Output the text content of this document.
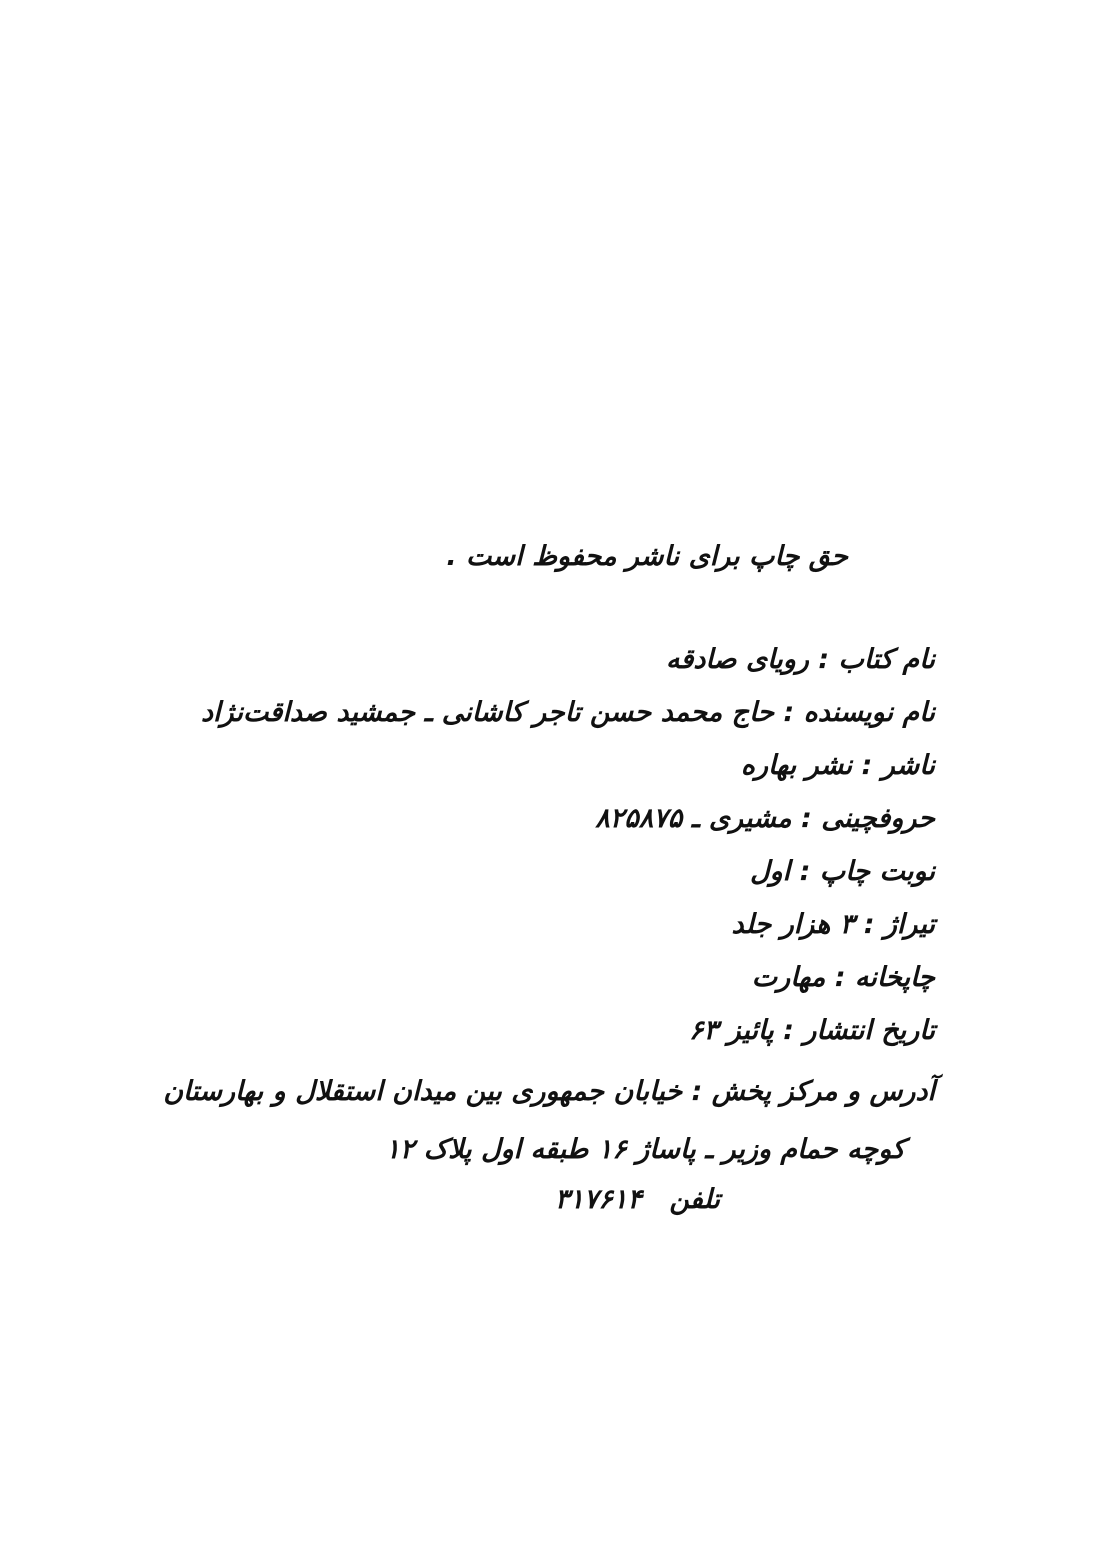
حق چاپ برای ناشر محفوظ است .
نام کتاب : رویای صادقه
نام نویسنده : حاج محمد حسن تاجر کاشانی ـ جمشید صداقت‌نژاد
ناشر : نشر بهاره
حروفچینی : مشیری ـ ۸۲۵۸۷۵
نوبت چاپ : اول
تیراژ : ۳ هزار جلد
چاپخانه : مهارت
تاریخ انتشار : پائیز ۶۳
آدرس و مرکز پخش : خیابان جمهوری بین میدان استقلال و بهارستان
کوچه حمام وزیر ـ پاساژ ۱۶ طبقه اول پلاک ۱۲
تلفن ۳۱۷۶۱۴
